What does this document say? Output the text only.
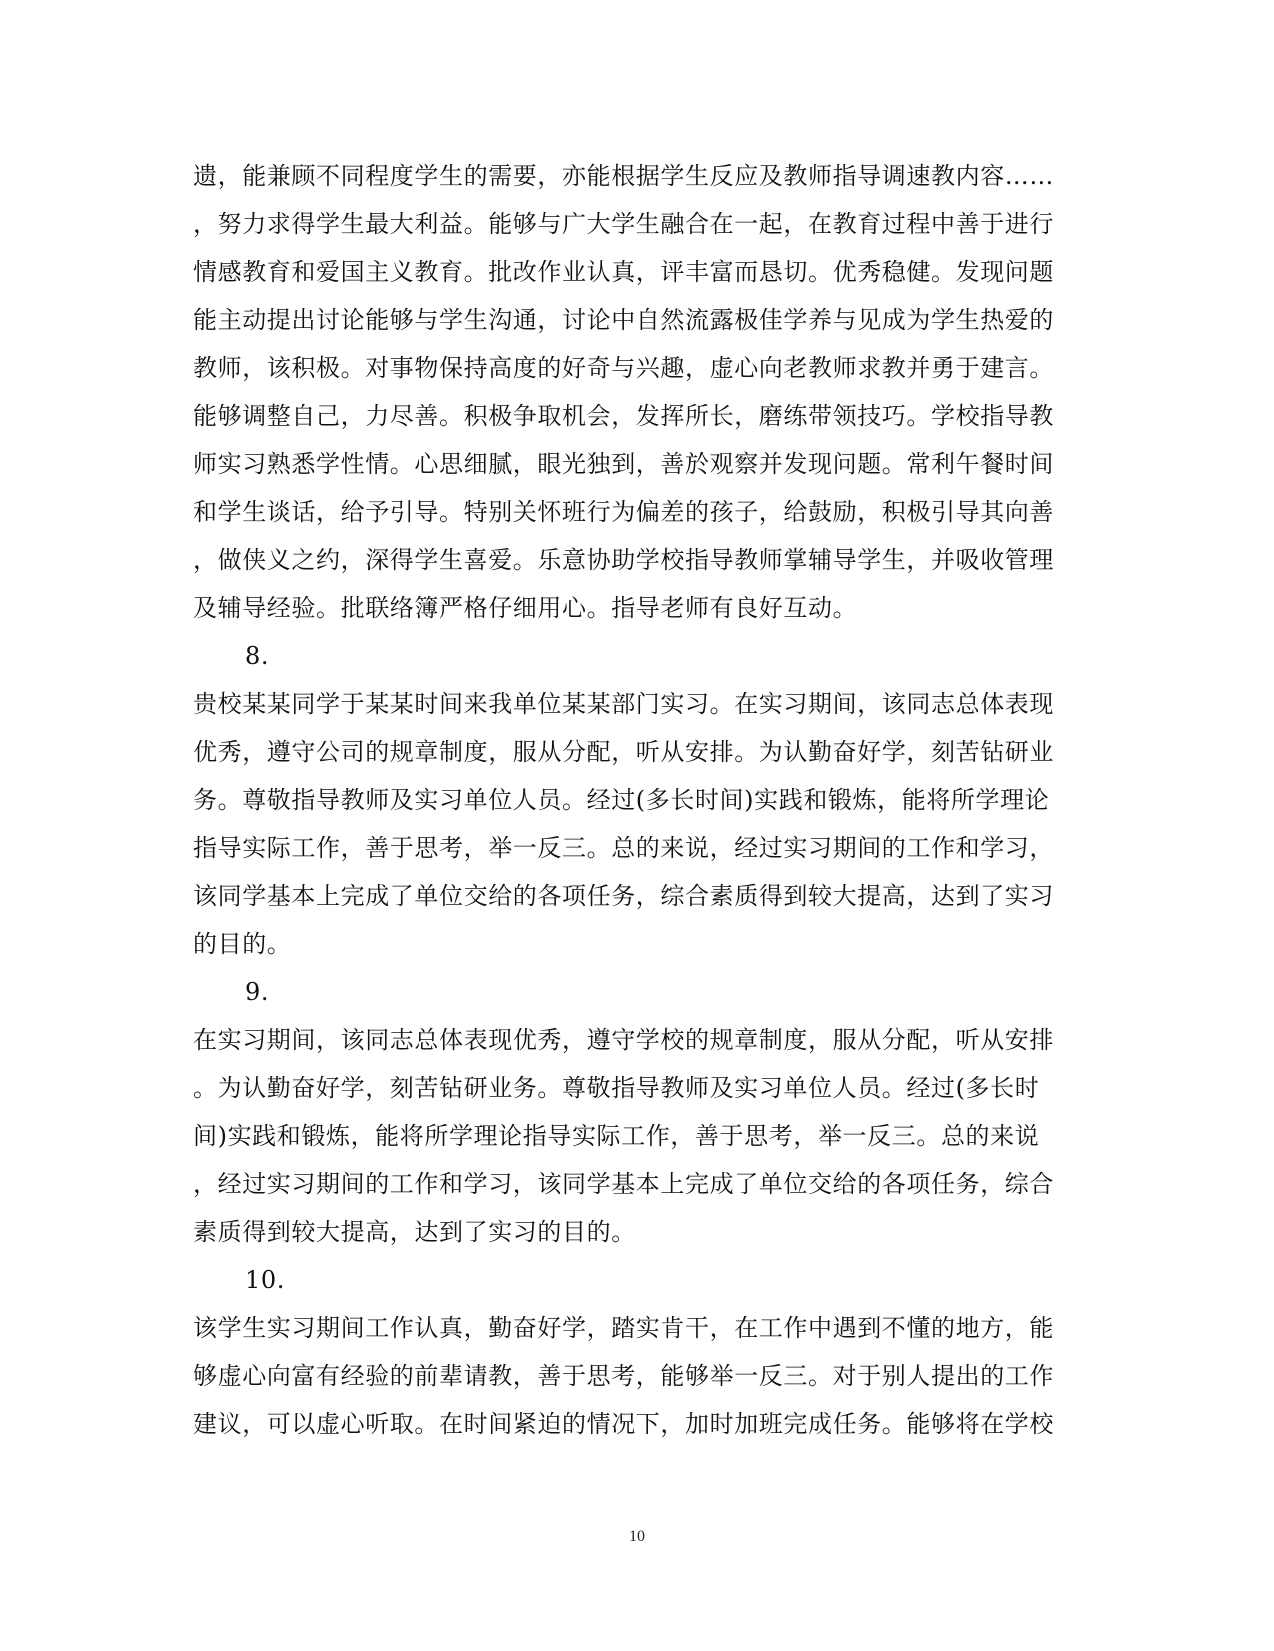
遗，能兼顾不同程度学生的需要，亦能根据学生反应及教师指导调速教内容……
，努力求得学生最大利益。能够与广大学生融合在一起，在教育过程中善于进行
情感教育和爱国主义教育。批改作业认真，评丰富而恳切。优秀稳健。发现问题
能主动提出讨论能够与学生沟通，讨论中自然流露极佳学养与见成为学生热爱的
教师，该积极。对事物保持高度的好奇与兴趣，虚心向老教师求教并勇于建言。
能够调整自己，力尽善。积极争取机会，发挥所长，磨练带领技巧。学校指导教
师实习熟悉学性情。心思细腻，眼光独到，善於观察并发现问题。常利午餐时间
和学生谈话，给予引导。特别关怀班行为偏差的孩子，给鼓励，积极引导其向善
，做侠义之约，深得学生喜爱。乐意协助学校指导教师掌辅导学生，并吸收管理
及辅导经验。批联络簿严格仔细用心。指导老师有良好互动。
8.
贵校某某同学于某某时间来我单位某某部门实习。在实习期间，该同志总体表现
优秀，遵守公司的规章制度，服从分配，听从安排。为认勤奋好学，刻苦钻研业
务。尊敬指导教师及实习单位人员。经过(多长时间)实践和锻炼，能将所学理论
指导实际工作，善于思考，举一反三。总的来说，经过实习期间的工作和学习，
该同学基本上完成了单位交给的各项任务，综合素质得到较大提高，达到了实习
的目的。
9.
在实习期间，该同志总体表现优秀，遵守学校的规章制度，服从分配，听从安排
。为认勤奋好学，刻苦钻研业务。尊敬指导教师及实习单位人员。经过(多长时
间)实践和锻炼，能将所学理论指导实际工作，善于思考，举一反三。总的来说
，经过实习期间的工作和学习，该同学基本上完成了单位交给的各项任务，综合
素质得到较大提高，达到了实习的目的。
10.
该学生实习期间工作认真，勤奋好学，踏实肯干，在工作中遇到不懂的地方，能
够虚心向富有经验的前辈请教，善于思考，能够举一反三。对于别人提出的工作
建议，可以虚心听取。在时间紧迫的情况下，加时加班完成任务。能够将在学校
10
